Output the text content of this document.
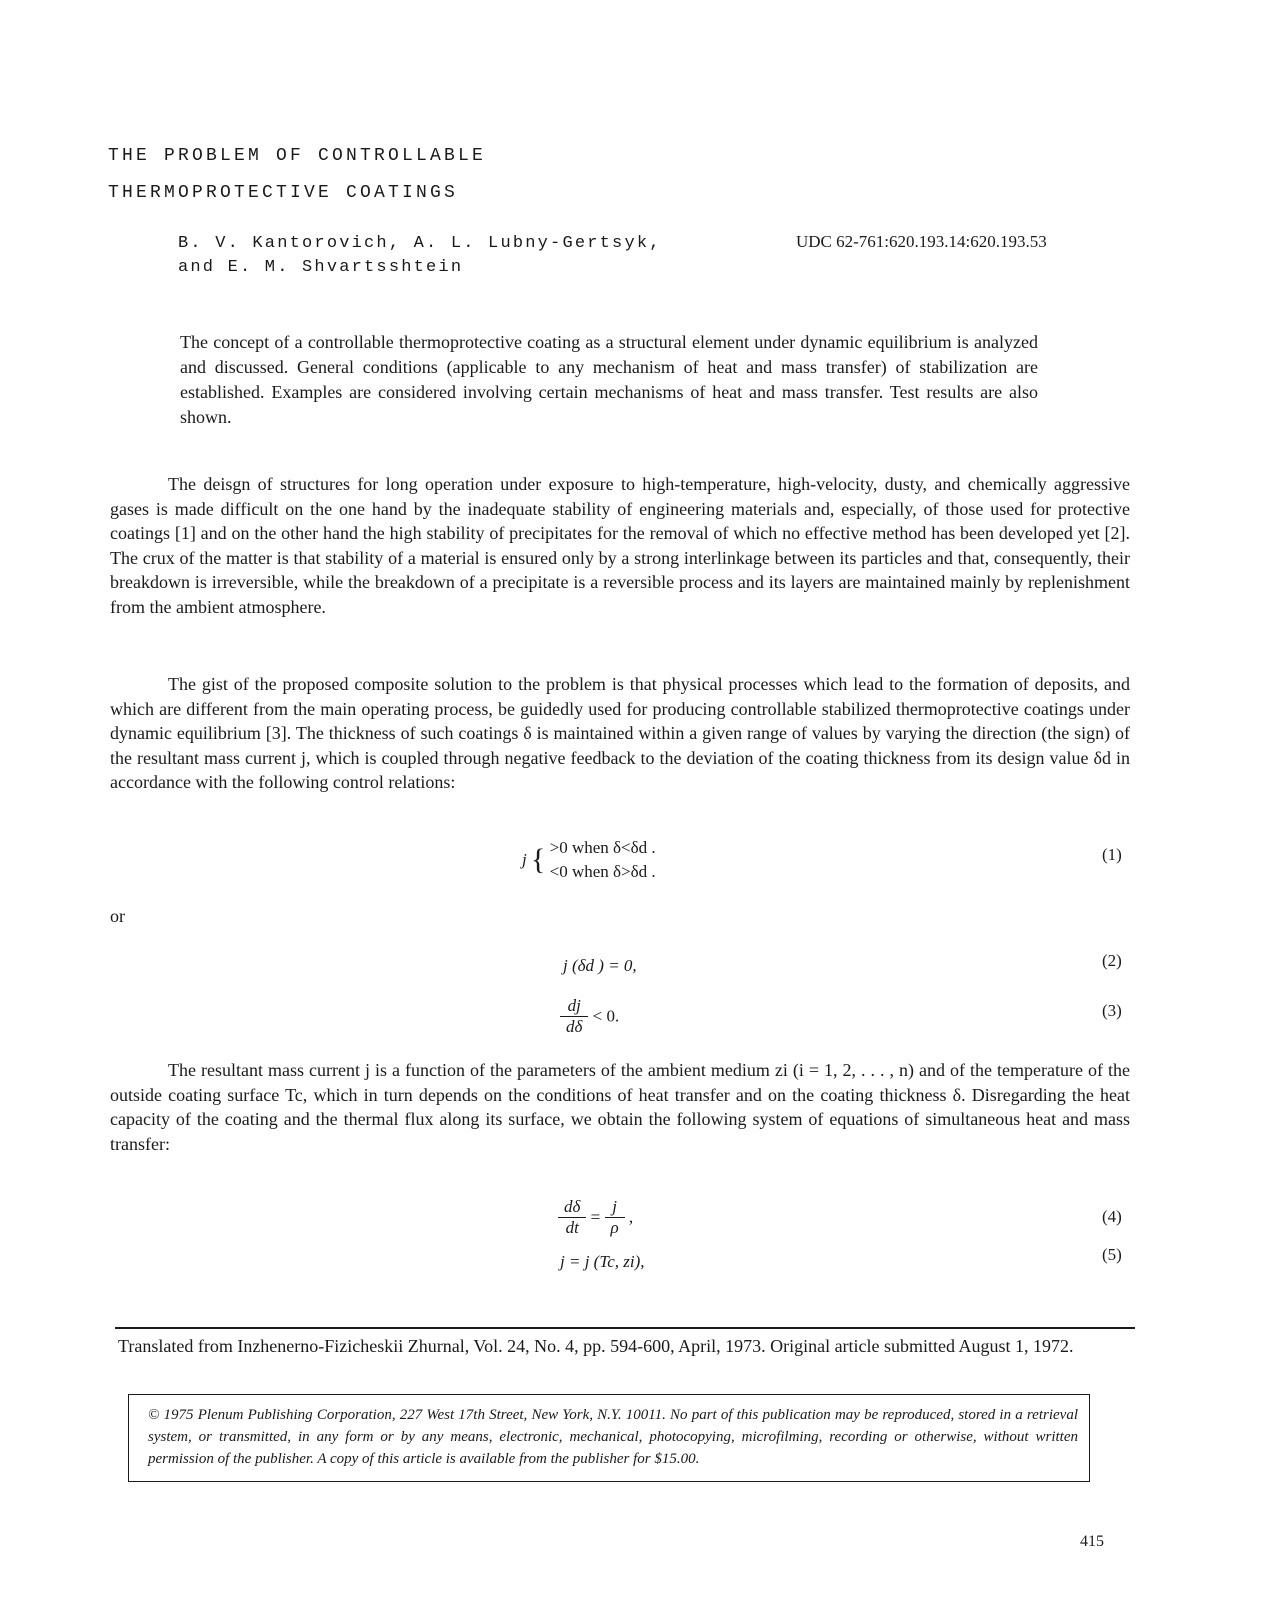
THE PROBLEM OF CONTROLLABLE
THERMOPROTECTIVE COATINGS
B. V. Kantorovich, A. L. Lubny-Gertsyk,
and E. M. Shvartsshtein
UDC 62-761:620.193.14:620.193.53
The concept of a controllable thermoprotective coating as a structural element under dynamic equilibrium is analyzed and discussed. General conditions (applicable to any mechanism of heat and mass transfer) of stabilization are established. Examples are considered involving certain mechanisms of heat and mass transfer. Test results are also shown.
The deisgn of structures for long operation under exposure to high-temperature, high-velocity, dusty, and chemically aggressive gases is made difficult on the one hand by the inadequate stability of engineering materials and, especially, of those used for protective coatings [1] and on the other hand the high stability of precipitates for the removal of which no effective method has been developed yet [2]. The crux of the matter is that stability of a material is ensured only by a strong interlinkage between its particles and that, consequently, their breakdown is irreversible, while the breakdown of a precipitate is a reversible process and its layers are maintained mainly by replenishment from the ambient atmosphere.
The gist of the proposed composite solution to the problem is that physical processes which lead to the formation of deposits, and which are different from the main operating process, be guidedly used for producing controllable stabilized thermoprotective coatings under dynamic equilibrium [3]. The thickness of such coatings δ is maintained within a given range of values by varying the direction (the sign) of the resultant mass current j, which is coupled through negative feedback to the deviation of the coating thickness from its design value δd in accordance with the following control relations:
j { >0 when δ<δd .
<0 when δ>δd .
(1)
or
j (δd ) = 0,	(2)
$\frac{dj}{d\delta} < 0$.	(3)
The resultant mass current j is a function of the parameters of the ambient medium zi (i = 1, 2, . . . , n) and of the temperature of the outside coating surface Tc, which in turn depends on the conditions of heat transfer and on the coating thickness δ. Disregarding the heat capacity of the coating and the thermal flux along its surface, we obtain the following system of equations of simultaneous heat and mass transfer:
$\frac{d\delta}{dt} = \frac{j}{\rho}$ ,	(4)
j = j (Tc, zi),	(5)
Translated from Inzhenerno-Fizicheskii Zhurnal, Vol. 24, No. 4, pp. 594-600, April, 1973. Original article submitted August 1, 1972.
© 1975 Plenum Publishing Corporation, 227 West 17th Street, New York, N.Y. 10011. No part of this publication may be reproduced, stored in a retrieval system, or transmitted, in any form or by any means, electronic, mechanical, photocopying, microfilming, recording or otherwise, without written permission of the publisher. A copy of this article is available from the publisher for $15.00.
415
